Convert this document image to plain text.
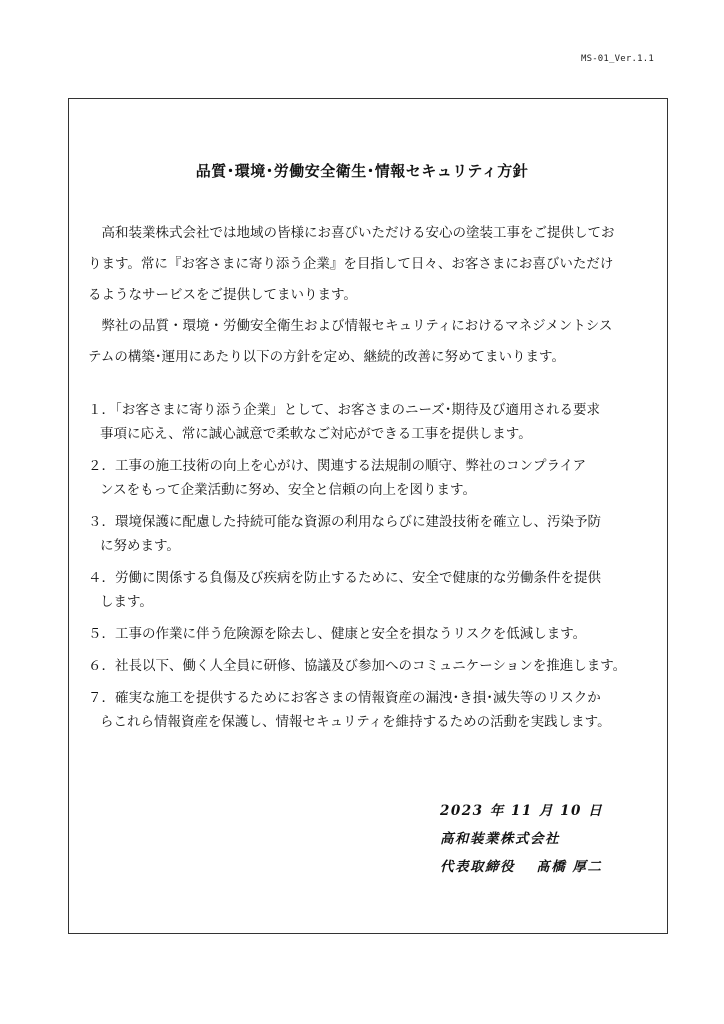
MS-01_Ver.1.1
品質･環境･労働安全衛生･情報セキュリティ方針

　高和装業株式会社では地域の皆様にお喜びいただける安心の塗装工事をご提供してお

ります。常に『お客さまに寄り添う企業』を目指して日々、お客さまにお喜びいただけ

るようなサービスをご提供してまいります。

　弊社の品質・環境・労働安全衛生および情報セキュリティにおけるマネジメントシス

テムの構築･運用にあたり以下の方針を定め、継続的改善に努めてまいります。

１．「お客さまに寄り添う企業」として、お客さまのニーズ･期待及び適用される要求

事項に応え、常に誠心誠意で柔軟なご対応ができる工事を提供します。

２．工事の施工技術の向上を心がけ、関連する法規制の順守、弊社のコンプライア

ンスをもって企業活動に努め、安全と信頼の向上を図ります。

３．環境保護に配慮した持続可能な資源の利用ならびに建設技術を確立し、汚染予防

に努めます。

４．労働に関係する負傷及び疾病を防止するために、安全で健康的な労働条件を提供

します。

５．工事の作業に伴う危険源を除去し、健康と安全を損なうリスクを低減します。

６．社長以下、働く人全員に研修、協議及び参加へのコミュニケーションを推進します。

７．確実な施工を提供するためにお客さまの情報資産の漏洩･き損･滅失等のリスクか

らこれら情報資産を保護し、情報セキュリティを維持するための活動を実践します。

2023 年 11 月 10 日
高和装業株式会社
代表取締役　 髙橋 厚二
